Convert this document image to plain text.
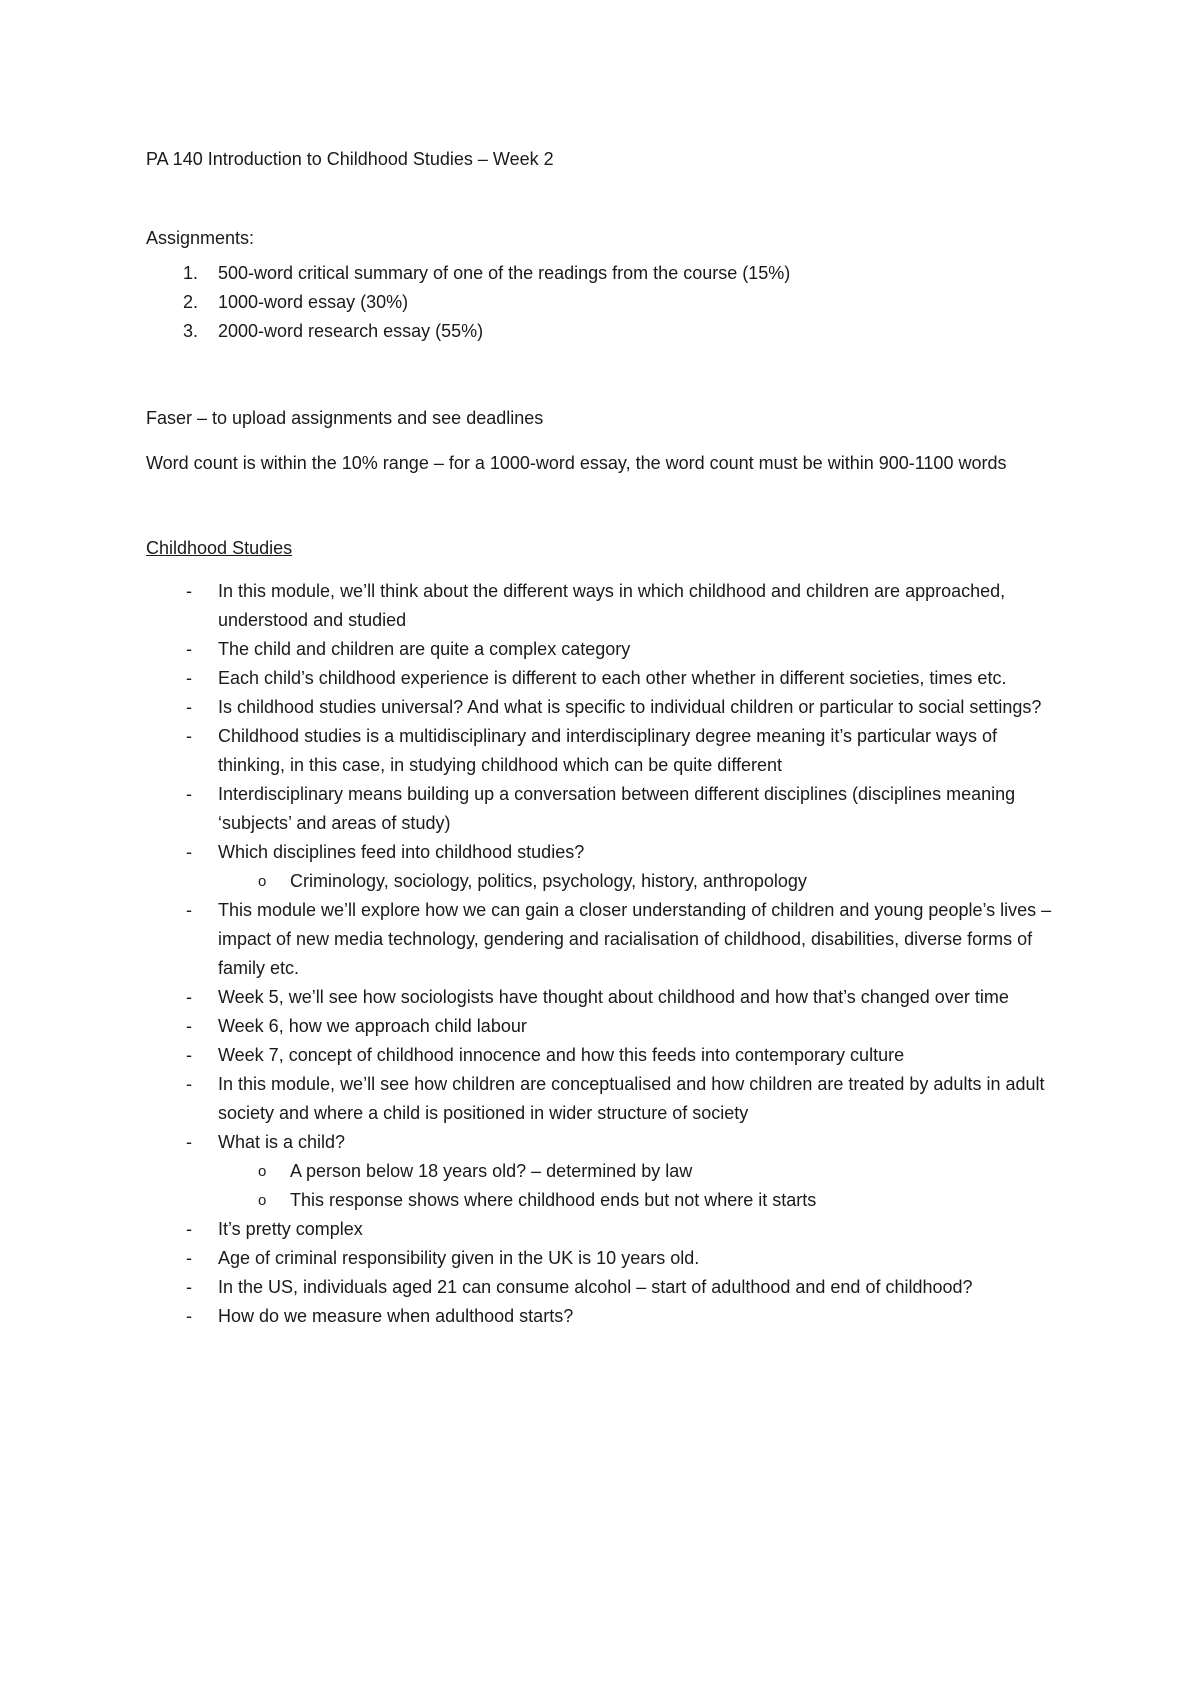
PA 140 Introduction to Childhood Studies – Week 2

Assignments:

1. 500-word critical summary of one of the readings from the course (15%)
2. 1000-word essay (30%)
3. 2000-word research essay (55%)

Faser – to upload assignments and see deadlines

Word count is within the 10% range – for a 1000-word essay, the word count must be within 900-1100 words

Childhood Studies

- In this module, we’ll think about the different ways in which childhood and children are approached, understood and studied
- The child and children are quite a complex category
- Each child’s childhood experience is different to each other whether in different societies, times etc.
- Is childhood studies universal? And what is specific to individual children or particular to social settings?
- Childhood studies is a multidisciplinary and interdisciplinary degree meaning it’s particular ways of thinking, in this case, in studying childhood which can be quite different
- Interdisciplinary means building up a conversation between different disciplines (disciplines meaning ‘subjects’ and areas of study)
- Which disciplines feed into childhood studies?
o Criminology, sociology, politics, psychology, history, anthropology
- This module we’ll explore how we can gain a closer understanding of children and young people’s lives – impact of new media technology, gendering and racialisation of childhood, disabilities, diverse forms of family etc.
- Week 5, we’ll see how sociologists have thought about childhood and how that’s changed over time
- Week 6, how we approach child labour
- Week 7, concept of childhood innocence and how this feeds into contemporary culture
- In this module, we’ll see how children are conceptualised and how children are treated by adults in adult society and where a child is positioned in wider structure of society
- What is a child?
o A person below 18 years old? – determined by law
o This response shows where childhood ends but not where it starts
- It’s pretty complex
- Age of criminal responsibility given in the UK is 10 years old.
- In the US, individuals aged 21 can consume alcohol – start of adulthood and end of childhood?
- How do we measure when adulthood starts?
